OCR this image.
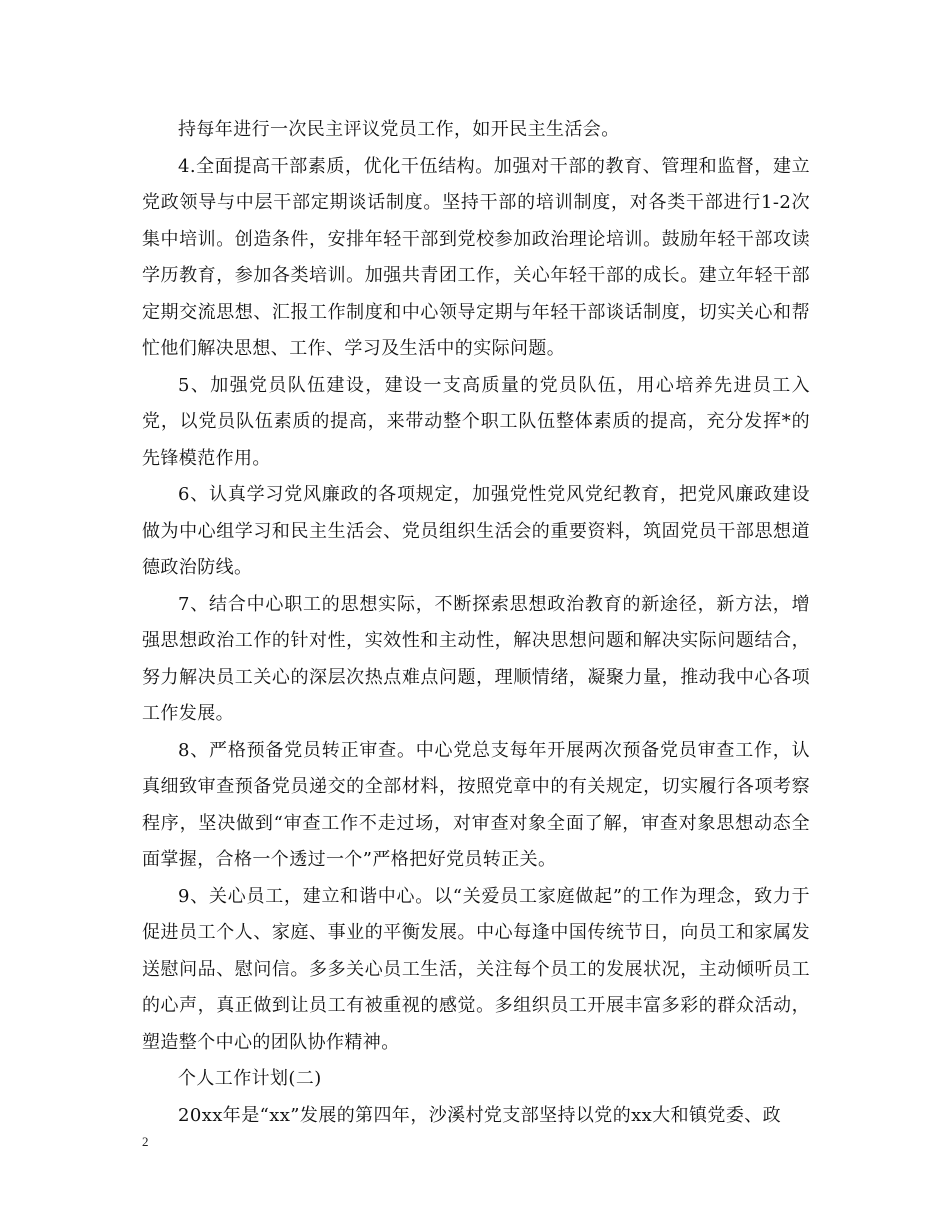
持每年进行一次民主评议党员工作，如开民主生活会。

4.全面提高干部素质，优化干伍结构。加强对干部的教育、管理和监督，建立党政领导与中层干部定期谈话制度。坚持干部的培训制度，对各类干部进行1-2次集中培训。创造条件，安排年轻干部到党校参加政治理论培训。鼓励年轻干部攻读学历教育，参加各类培训。加强共青团工作，关心年轻干部的成长。建立年轻干部定期交流思想、汇报工作制度和中心领导定期与年轻干部谈话制度，切实关心和帮忙他们解决思想、工作、学习及生活中的实际问题。

5、加强党员队伍建设，建设一支高质量的党员队伍，用心培养先进员工入党，以党员队伍素质的提高，来带动整个职工队伍整体素质的提高，充分发挥*的先锋模范作用。

6、认真学习党风廉政的各项规定，加强党性党风党纪教育，把党风廉政建设做为中心组学习和民主生活会、党员组织生活会的重要资料，筑固党员干部思想道德政治防线。

7、结合中心职工的思想实际，不断探索思想政治教育的新途径，新方法，增强思想政治工作的针对性，实效性和主动性，解决思想问题和解决实际问题结合，努力解决员工关心的深层次热点难点问题，理顺情绪，凝聚力量，推动我中心各项工作发展。

8、严格预备党员转正审查。中心党总支每年开展两次预备党员审查工作，认真细致审查预备党员递交的全部材料，按照党章中的有关规定，切实履行各项考察程序，坚决做到“审查工作不走过场，对审查对象全面了解，审查对象思想动态全面掌握，合格一个透过一个”严格把好党员转正关。

9、关心员工，建立和谐中心。以“关爱员工家庭做起”的工作为理念，致力于促进员工个人、家庭、事业的平衡发展。中心每逢中国传统节日，向员工和家属发送慰问品、慰问信。多多关心员工生活，关注每个员工的发展状况，主动倾听员工的心声，真正做到让员工有被重视的感觉。多组织员工开展丰富多彩的群众活动，塑造整个中心的团队协作精神。

个人工作计划(二)

20xx年是“xx”发展的第四年，沙溪村党支部坚持以党的xx大和镇党委、政

2
